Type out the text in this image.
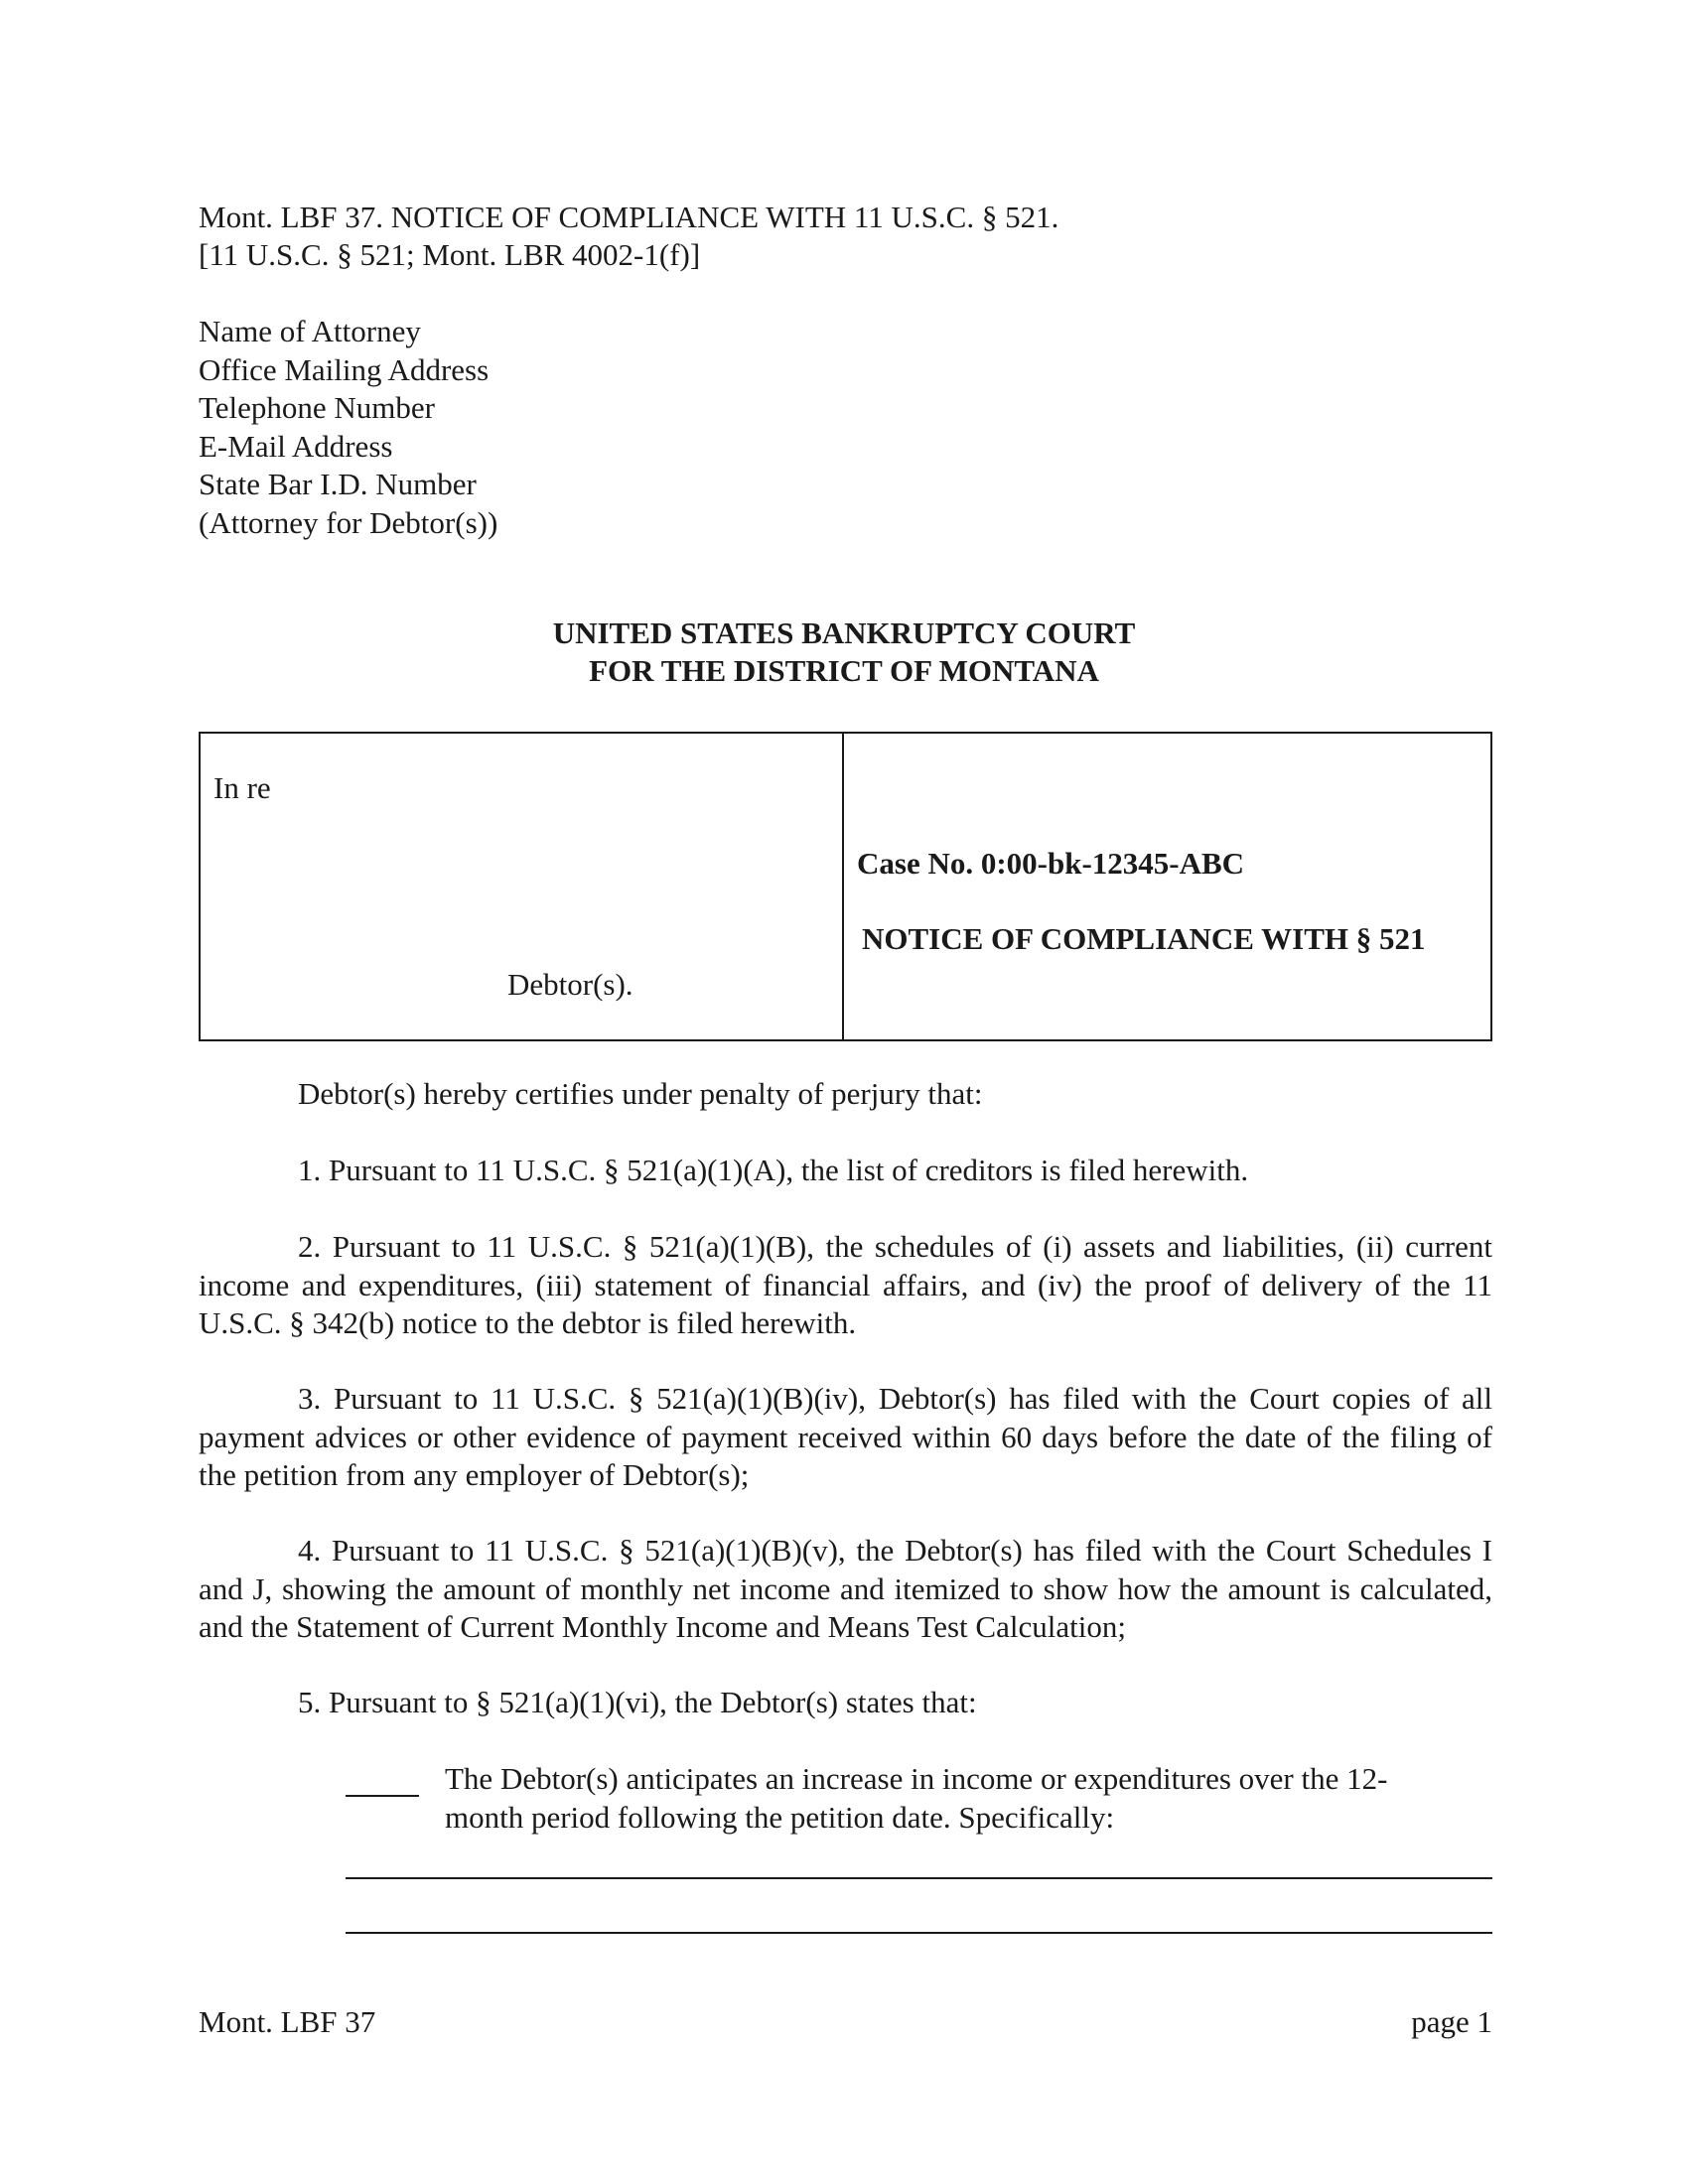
Mont. LBF 37. NOTICE OF COMPLIANCE WITH 11 U.S.C. § 521.
[11 U.S.C. § 521; Mont. LBR 4002-1(f)]
Name of Attorney
Office Mailing Address
Telephone Number
E-Mail Address
State Bar I.D. Number
(Attorney for Debtor(s))
UNITED STATES BANKRUPTCY COURT
FOR THE DISTRICT OF MONTANA
In re
Debtor(s).

Case No. 0:00-bk-12345-ABC
NOTICE OF COMPLIANCE WITH § 521
Debtor(s) hereby certifies under penalty of perjury that:
1. Pursuant to 11 U.S.C. § 521(a)(1)(A), the list of creditors is filed herewith.
2. Pursuant to 11 U.S.C. § 521(a)(1)(B), the schedules of (i) assets and liabilities, (ii) current income and expenditures, (iii) statement of financial affairs, and (iv) the proof of delivery of the 11 U.S.C. § 342(b) notice to the debtor is filed herewith.
3. Pursuant to 11 U.S.C. § 521(a)(1)(B)(iv), Debtor(s) has filed with the Court copies of all payment advices or other evidence of payment received within 60 days before the date of the filing of the petition from any employer of Debtor(s);
4. Pursuant to 11 U.S.C. § 521(a)(1)(B)(v), the Debtor(s) has filed with the Court Schedules I and J, showing the amount of monthly net income and itemized to show how the amount is calculated, and the Statement of Current Monthly Income and Means Test Calculation;
5. Pursuant to § 521(a)(1)(vi), the Debtor(s) states that:
The Debtor(s) anticipates an increase in income or expenditures over the 12-month period following the petition date. Specifically:
Mont. LBF 37	page 1
